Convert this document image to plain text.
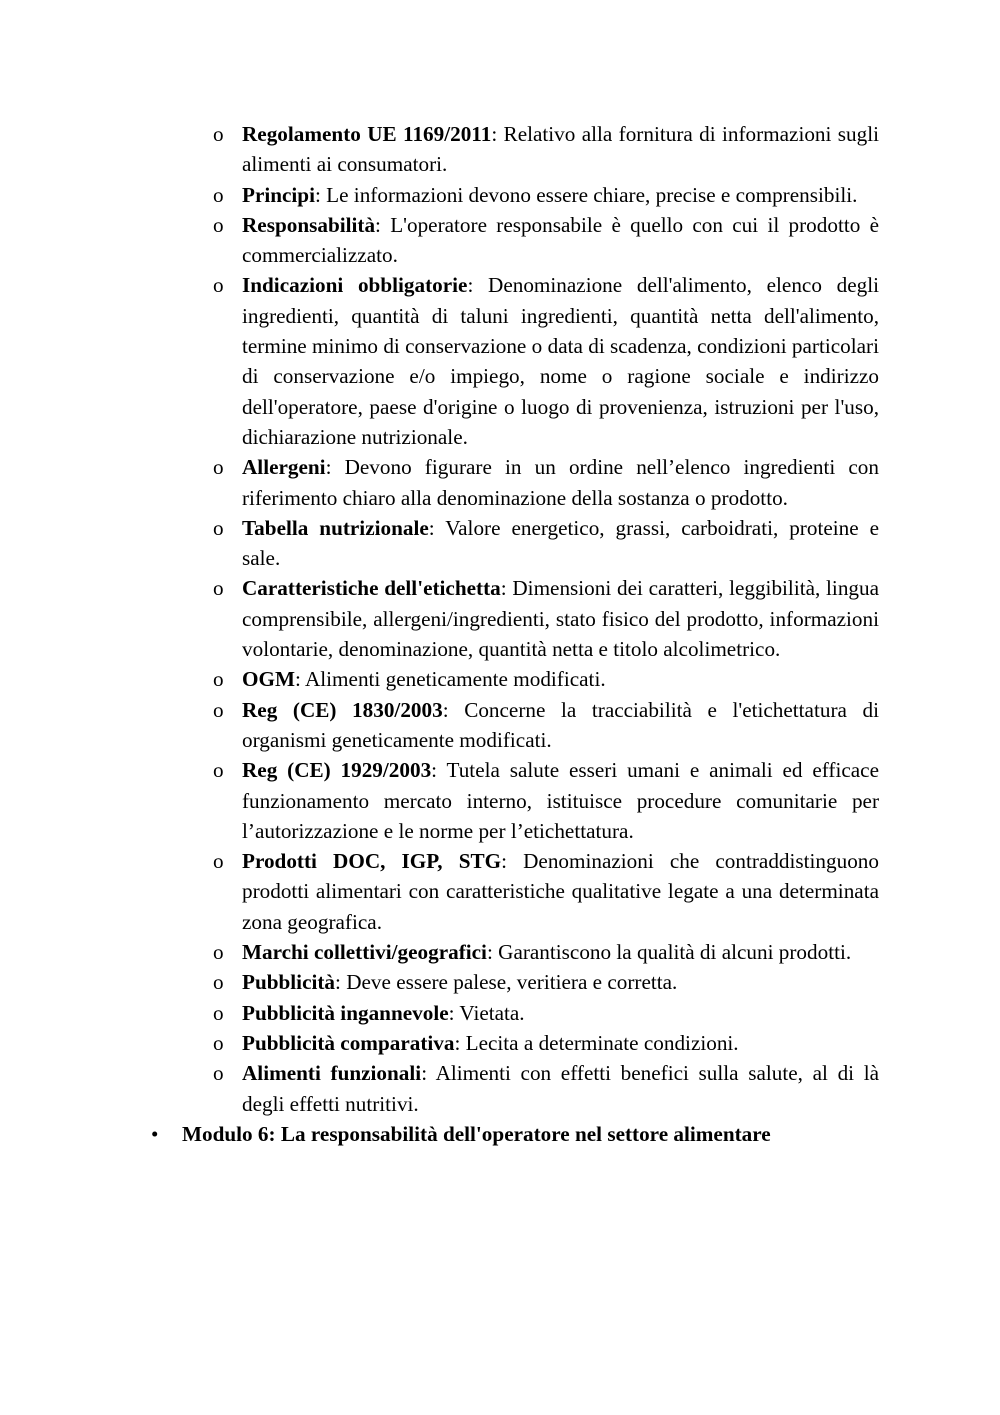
o Regolamento UE 1169/2011: Relativo alla fornitura di informazioni sugli alimenti ai consumatori.
o Principi: Le informazioni devono essere chiare, precise e comprensibili.
o Responsabilità: L'operatore responsabile è quello con cui il prodotto è commercializzato.
o Indicazioni obbligatorie: Denominazione dell'alimento, elenco degli ingredienti, quantità di taluni ingredienti, quantità netta dell'alimento, termine minimo di conservazione o data di scadenza, condizioni particolari di conservazione e/o impiego, nome o ragione sociale e indirizzo dell'operatore, paese d'origine o luogo di provenienza, istruzioni per l'uso, dichiarazione nutrizionale.
o Allergeni: Devono figurare in un ordine nell’elenco ingredienti con riferimento chiaro alla denominazione della sostanza o prodotto.
o Tabella nutrizionale: Valore energetico, grassi, carboidrati, proteine e sale.
o Caratteristiche dell'etichetta: Dimensioni dei caratteri, leggibilità, lingua comprensibile, allergeni/ingredienti, stato fisico del prodotto, informazioni volontarie, denominazione, quantità netta e titolo alcolimetrico.
o OGM: Alimenti geneticamente modificati.
o Reg (CE) 1830/2003: Concerne la tracciabilità e l'etichettatura di organismi geneticamente modificati.
o Reg (CE) 1929/2003: Tutela salute esseri umani e animali ed efficace funzionamento mercato interno, istituisce procedure comunitarie per l’autorizzazione e le norme per l’etichettatura.
o Prodotti DOC, IGP, STG: Denominazioni che contraddistinguono prodotti alimentari con caratteristiche qualitative legate a una determinata zona geografica.
o Marchi collettivi/geografici: Garantiscono la qualità di alcuni prodotti.
o Pubblicità: Deve essere palese, veritiera e corretta.
o Pubblicità ingannevole: Vietata.
o Pubblicità comparativa: Lecita a determinate condizioni.
o Alimenti funzionali: Alimenti con effetti benefici sulla salute, al di là degli effetti nutritivi.
• Modulo 6: La responsabilità dell'operatore nel settore alimentare
